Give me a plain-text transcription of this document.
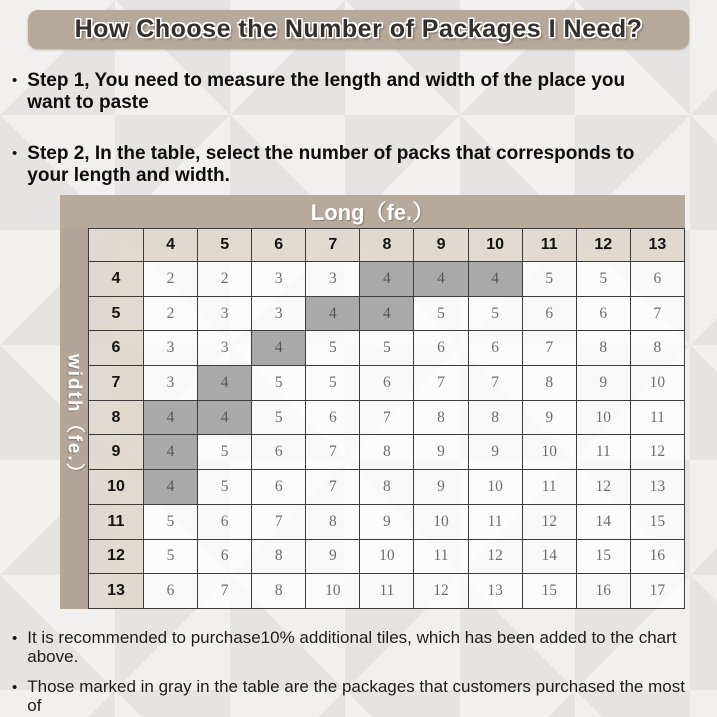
How Choose the Number of Packages I Need?
• Step 1, You need to measure the length and width of the place you want to paste
• Step 2, In the table, select the number of packs that corresponds to your length and width.
Long（fe.）
width（fe.）
	4	5	6	7	8	9	10	11	12	13
4	2	2	3	3	4	4	4	5	5	6
5	2	3	3	4	4	5	5	6	6	7
6	3	3	4	5	5	6	6	7	8	8
7	3	4	5	5	6	7	7	8	9	10
8	4	4	5	6	7	8	8	9	10	11
9	4	5	6	7	8	9	9	10	11	12
10	4	5	6	7	8	9	10	11	12	13
11	5	6	7	8	9	10	11	12	14	15
12	5	6	8	9	10	11	12	14	15	16
13	6	7	8	10	11	12	13	15	16	17
• It is recommended to purchase10% additional tiles, which has been added to the chart above.
• Those marked in gray in the table are the packages that customers purchased the most of
